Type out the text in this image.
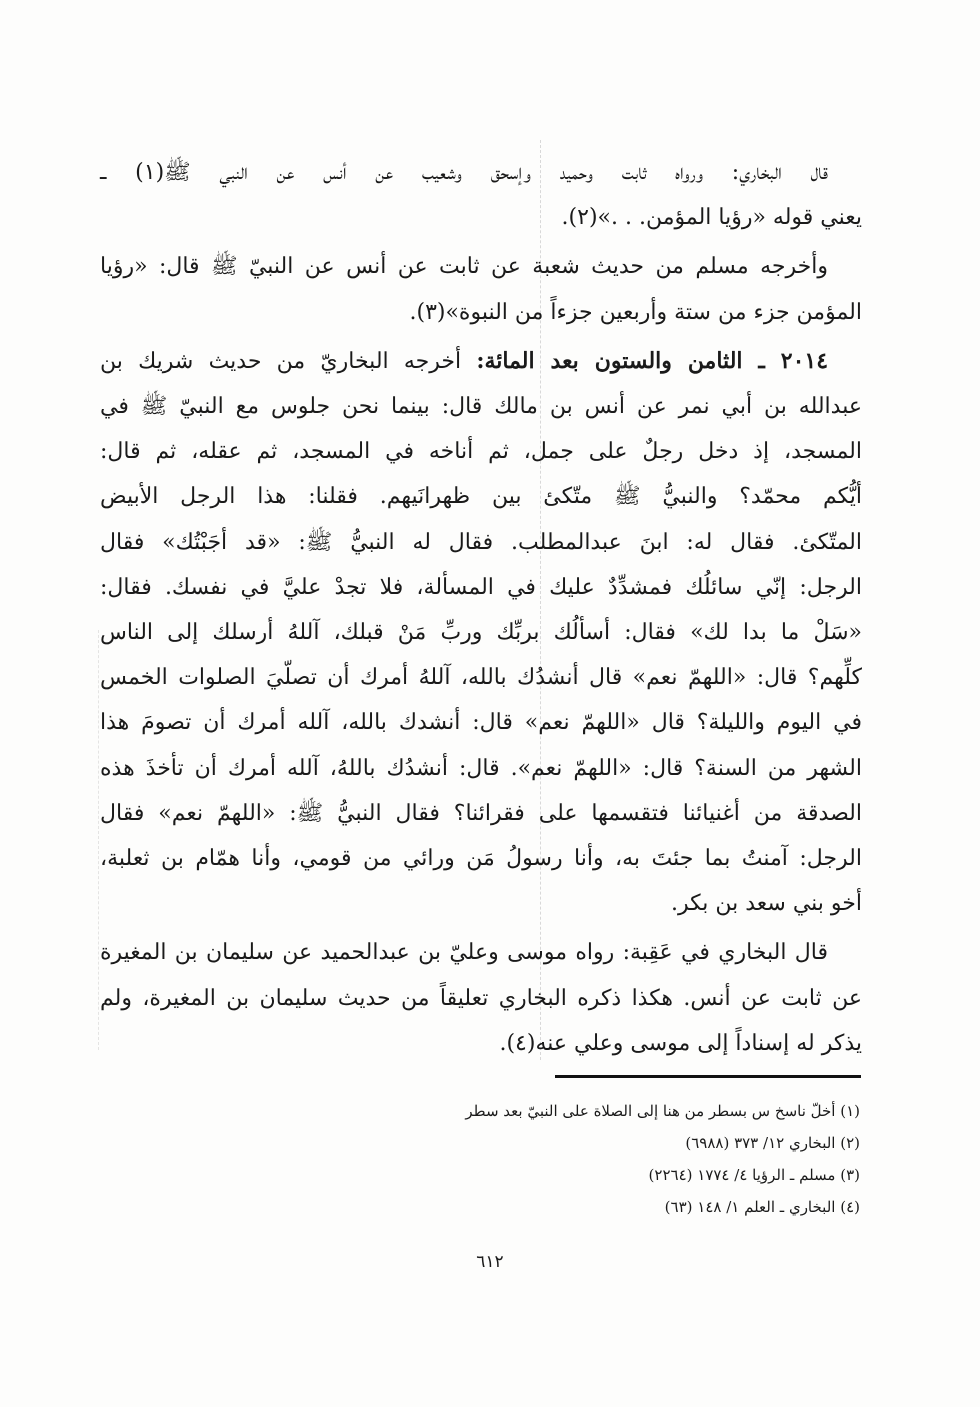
قال البخاري: ورواه ثابت وحميد وإسحق وشعيب عن أنس عن النبي ﷺ(١) ـ
يعني قوله «رؤيا المؤمن. . .»(٢).

وأخرجه مسلم من حديث شعبة عن ثابت عن أنس عن النبيّ ﷺ قال: «رؤيا
المؤمن جزء من ستة وأربعين جزءاً من النبوة»(٣).

٢٠١٤ ـ الثامن والستون بعد المائة: أخرجه البخاريّ من حديث شريك بن
عبدالله بن أبي نمر عن أنس بن مالك قال: بينما نحن جلوس مع النبيّ ﷺ في
المسجد، إذ دخل رجلٌ على جمل، ثم أناخه في المسجد، ثم عقله، ثم قال:
أيُّكم محمّد؟ والنبيُّ ﷺ متّكئ بين ظهرانَيهم. فقلنا: هذا الرجل الأبيض
المتّكئ. فقال له: ابنَ عبدالمطلب. فقال له النبيُّ ﷺ: «قد أجَبْتُك» فقال
الرجل: إنّي سائلُك فمشدِّدٌ عليك في المسألة، فلا تجدْ عليَّ في نفسك. فقال:
«سَلْ ما بدا لك» فقال: أسألُك بربِّك وربِّ مَنْ قبلك، آللهُ أرسلك إلى الناس
كلِّهم؟ قال: «اللهمّ نعم» قال أنشدُك بالله، آللهُ أمرك أن تصلّيَ الصلوات الخمس
في اليوم والليلة؟ قال «اللهمّ نعم» قال: أنشدك بالله، آلله أمرك أن تصومَ هذا
الشهر من السنة؟ قال: «اللهمّ نعم». قال: أنشدُك باللهُ، آلله أمرك أن تأخذَ هذه
الصدقة من أغنيائنا فتقسمها على فقرائنا؟ فقال النبيُّ ﷺ: «اللهمّ نعم» فقال
الرجل: آمنتُ بما جئتَ به، وأنا رسولُ مَن ورائي من قومي، وأنا همّام بن ثعلبة،
أخو بني سعد بن بكر.

قال البخاري في عَقِبة: رواه موسى وعليّ بن عبدالحميد عن سليمان بن المغيرة
عن ثابت عن أنس. هكذا ذكره البخاري تعليقاً من حديث سليمان بن المغيرة، ولم
يذكر له إسناداً إلى موسى وعلي عنه(٤).

(١) أخلّ ناسخ س بسطر من هنا إلى الصلاة على النبيّ بعد سطر
(٢) البخاري ١٢/ ٣٧٣ (٦٩٨٨)
(٣) مسلم ـ الرؤيا ٤/ ١٧٧٤ (٢٢٦٤)
(٤) البخاري ـ العلم ١/ ١٤٨ (٦٣)
٦١٢
